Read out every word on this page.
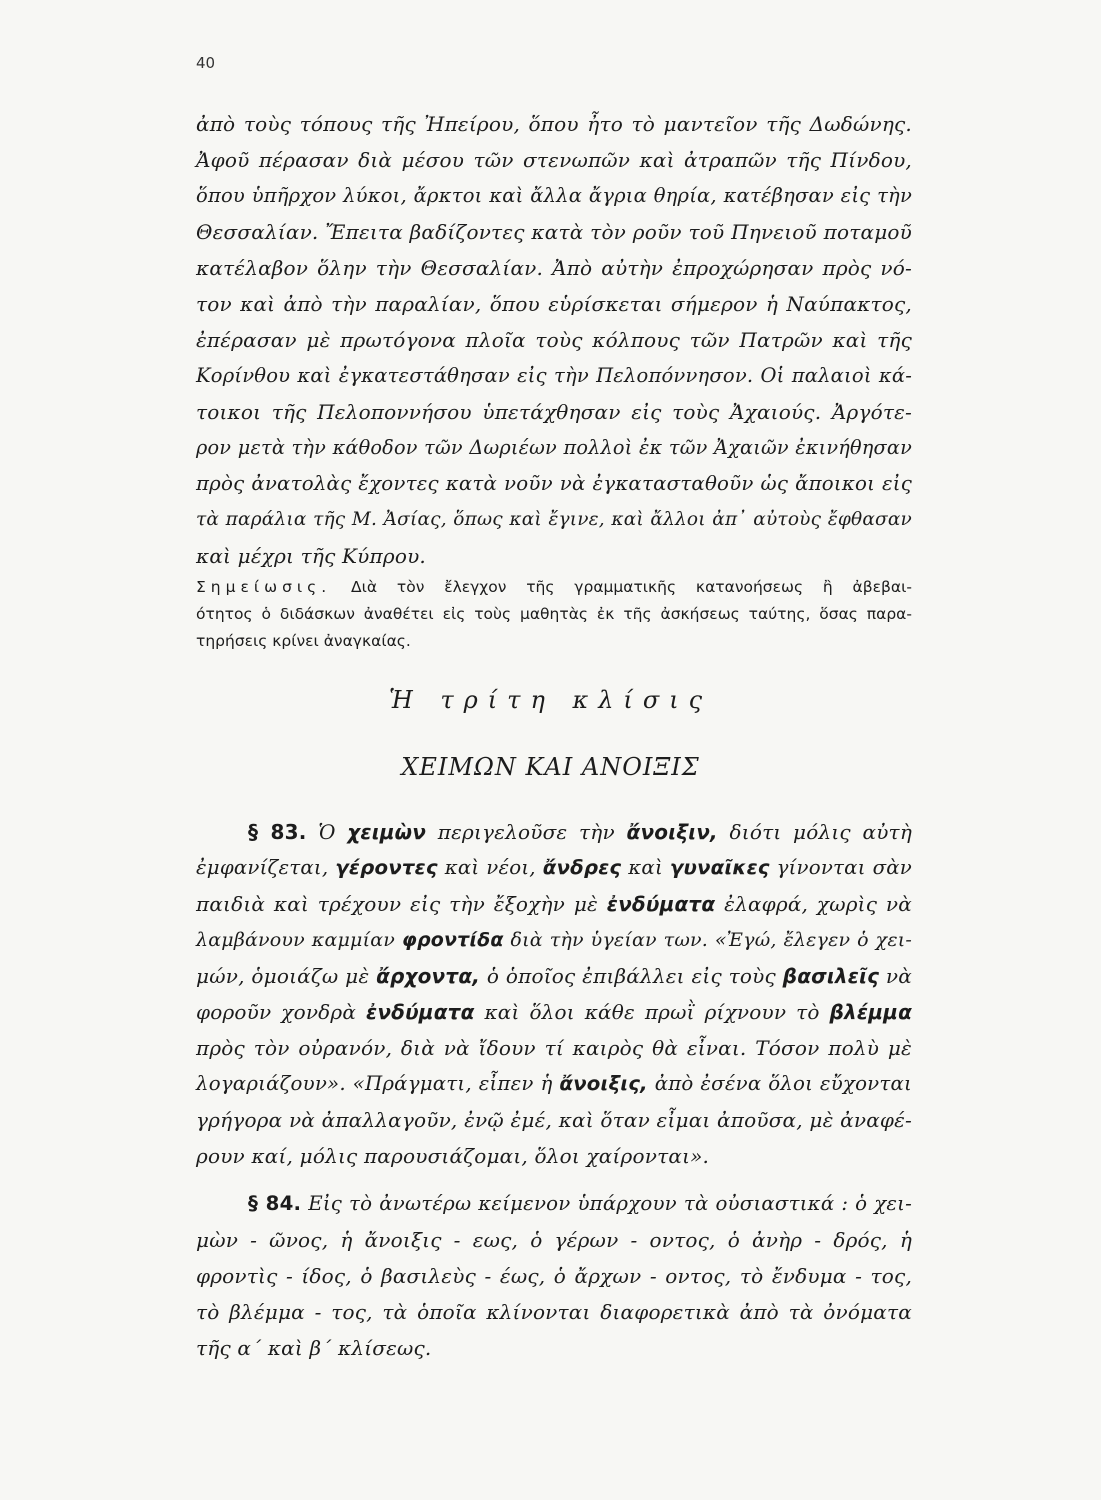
40
ἀπὸ τοὺς τόπους τῆς Ἠπείρου, ὅπου ἦτο τὸ μαντεῖον τῆς Δωδώνης.
Ἀφοῦ πέρασαν διὰ μέσου τῶν στενωπῶν καὶ ἀτραπῶν τῆς Πίνδου,
ὅπου ὑπῆρχον λύκοι, ἄρκτοι καὶ ἄλλα ἄγρια θηρία, κατέβησαν εἰς τὴν
Θεσσαλίαν. Ἔπειτα βαδίζοντες κατὰ τὸν ροῦν τοῦ Πηνειοῦ ποταμοῦ
κατέλαβον ὅλην τὴν Θεσσαλίαν. Ἀπὸ αὐτὴν ἐπροχώρησαν πρὸς νό-
τον καὶ ἀπὸ τὴν παραλίαν, ὅπου εὑρίσκεται σήμερον ἡ Ναύπακτος,
ἐπέρασαν μὲ πρωτόγονα πλοῖα τοὺς κόλπους τῶν Πατρῶν καὶ τῆς
Κορίνθου καὶ ἐγκατεστάθησαν εἰς τὴν Πελοπόννησον. Οἱ παλαιοὶ κά-
τοικοι τῆς Πελοποννήσου ὑπετάχθησαν εἰς τοὺς Ἀχαιούς. Ἀργότε-
ρον μετὰ τὴν κάθοδον τῶν Δωριέων πολλοὶ ἐκ τῶν Ἀχαιῶν ἐκινήθησαν
πρὸς ἀνατολὰς ἔχοντες κατὰ νοῦν νὰ ἐγκατασταθοῦν ὡς ἄποικοι εἰς
τὰ παράλια τῆς Μ. Ἀσίας, ὅπως καὶ ἔγινε, καὶ ἄλλοι ἀπ᾽ αὐτοὺς ἔφθασαν
καὶ μέχρι τῆς Κύπρου.
Σημείωσις. Διὰ τὸν ἔλεγχον τῆς γραμματικῆς κατανοήσεως ἢ ἀβεβαι-
ότητος ὁ διδάσκων ἀναθέτει εἰς τοὺς μαθητὰς ἐκ τῆς ἀσκήσεως ταύτης, ὅσας παρα-
τηρήσεις κρίνει ἀναγκαίας.
Ἡ τρίτη κλίσις
ΧΕΙΜΩΝ ΚΑΙ ΑΝΟΙΞΙΣ
§ 83. Ὁ χειμὼν περιγελοῦσε τὴν ἄνοιξιν, διότι μόλις αὐτὴ
ἐμφανίζεται, γέροντες καὶ νέοι, ἄνδρες καὶ γυναῖκες γίνονται σὰν
παιδιὰ καὶ τρέχουν εἰς τὴν ἔξοχὴν μὲ ἐνδύματα ἐλαφρά, χωρὶς νὰ
λαμβάνουν καμμίαν φροντίδα διὰ τὴν ὑγείαν των. «Ἐγώ, ἔλεγεν ὁ χει-
μών, ὁμοιάζω μὲ ἄρχοντα, ὁ ὁποῖος ἐπιβάλλει εἰς τοὺς βασιλεῖς νὰ
φοροῦν χονδρὰ ἐνδύματα καὶ ὅλοι κάθε πρωῒ ρίχνουν τὸ βλέμμα
πρὸς τὸν οὐρανόν, διὰ νὰ ἴδουν τί καιρὸς θὰ εἶναι. Τόσον πολὺ μὲ
λογαριάζουν». «Πράγματι, εἶπεν ἡ ἄνοιξις, ἀπὸ ἐσένα ὅλοι εὔχονται
γρήγορα νὰ ἀπαλλαγοῦν, ἐνῷ ἐμέ, καὶ ὅταν εἶμαι ἀποῦσα, μὲ ἀναφέ-
ρουν καί, μόλις παρουσιάζομαι, ὅλοι χαίρονται».
§ 84. Εἰς τὸ ἀνωτέρω κείμενον ὑπάρχουν τὰ οὐσιαστικά : ὁ χει-
μὼν - ῶνος, ἡ ἄνοιξις - εως, ὁ γέρων - οντος, ὁ ἀνὴρ - δρός, ἡ
φροντὶς - ίδος, ὁ βασιλεὺς - έως, ὁ ἄρχων - οντος, τὸ ἔνδυμα - τος,
τὸ βλέμμα - τος, τὰ ὁποῖα κλίνονται διαφορετικὰ ἀπὸ τὰ ὀνόματα
τῆς α΄ καὶ β΄ κλίσεως.
